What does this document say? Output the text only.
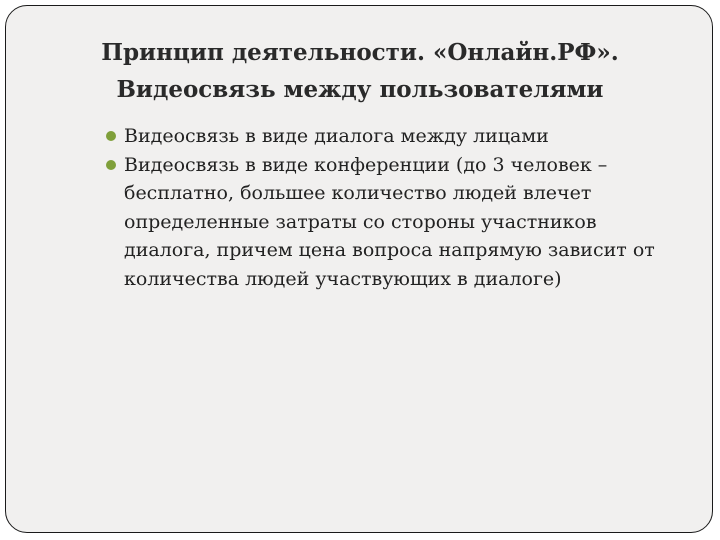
Принцип деятельности. «Онлайн.РФ».
Видеосвязь между пользователями
Видеосвязь в виде диалога между лицами
Видеосвязь в виде конференции (до 3 человек – бесплатно, большее количество людей влечет определенные затраты со стороны участников диалога, причем цена вопроса напрямую зависит от количества людей участвующих в диалоге)
